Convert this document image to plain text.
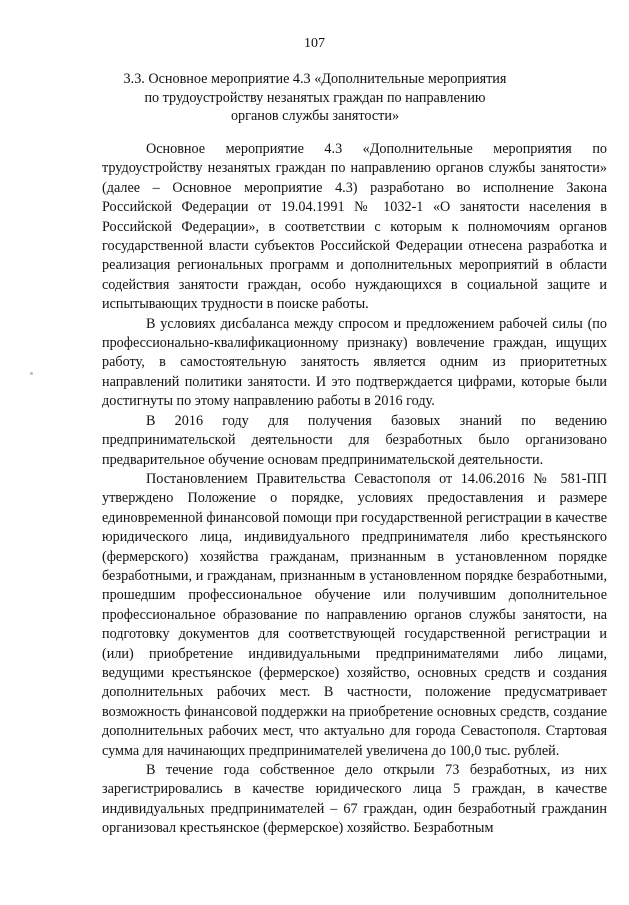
107
3.3. Основное мероприятие 4.3 «Дополнительные мероприятия
по трудоустройству незанятых граждан по направлению
органов службы занятости»

Основное мероприятие 4.3 «Дополнительные мероприятия по трудоустройству незанятых граждан по направлению органов службы занятости» (далее – Основное мероприятие 4.3) разработано во исполнение Закона Российской Федерации от 19.04.1991 № 1032-1 «О занятости населения в Российской Федерации», в соответствии с которым к полномочиям органов государственной власти субъектов Российской Федерации отнесена разработка и реализация региональных программ и дополнительных мероприятий в области содействия занятости граждан, особо нуждающихся в социальной защите и испытывающих трудности в поиске работы.

В условиях дисбаланса между спросом и предложением рабочей силы (по профессионально-квалификационному признаку) вовлечение граждан, ищущих работу, в самостоятельную занятость является одним из приоритетных направлений политики занятости. И это подтверждается цифрами, которые были достигнуты по этому направлению работы в 2016 году.

В 2016 году для получения базовых знаний по ведению предпринимательской деятельности для безработных было организовано предварительное обучение основам предпринимательской деятельности.

Постановлением Правительства Севастополя от 14.06.2016 № 581-ПП утверждено Положение о порядке, условиях предоставления и размере единовременной финансовой помощи при государственной регистрации в качестве юридического лица, индивидуального предпринимателя либо крестьянского (фермерского) хозяйства гражданам, признанным в установленном порядке безработными, и гражданам, признанным в установленном порядке безработными, прошедшим профессиональное обучение или получившим дополнительное профессиональное образование по направлению органов службы занятости, на подготовку документов для соответствующей государственной регистрации и (или) приобретение индивидуальными предпринимателями либо лицами, ведущими крестьянское (фермерское) хозяйство, основных средств и создания дополнительных рабочих мест. В частности, положение предусматривает возможность финансовой поддержки на приобретение основных средств, создание дополнительных рабочих мест, что актуально для города Севастополя. Стартовая сумма для начинающих предпринимателей увеличена до 100,0 тыс. рублей.

В течение года собственное дело открыли 73 безработных, из них зарегистрировались в качестве юридического лица 5 граждан, в качестве индивидуальных предпринимателей – 67 граждан, один безработный гражданин организовал крестьянское (фермерское) хозяйство. Безработным
